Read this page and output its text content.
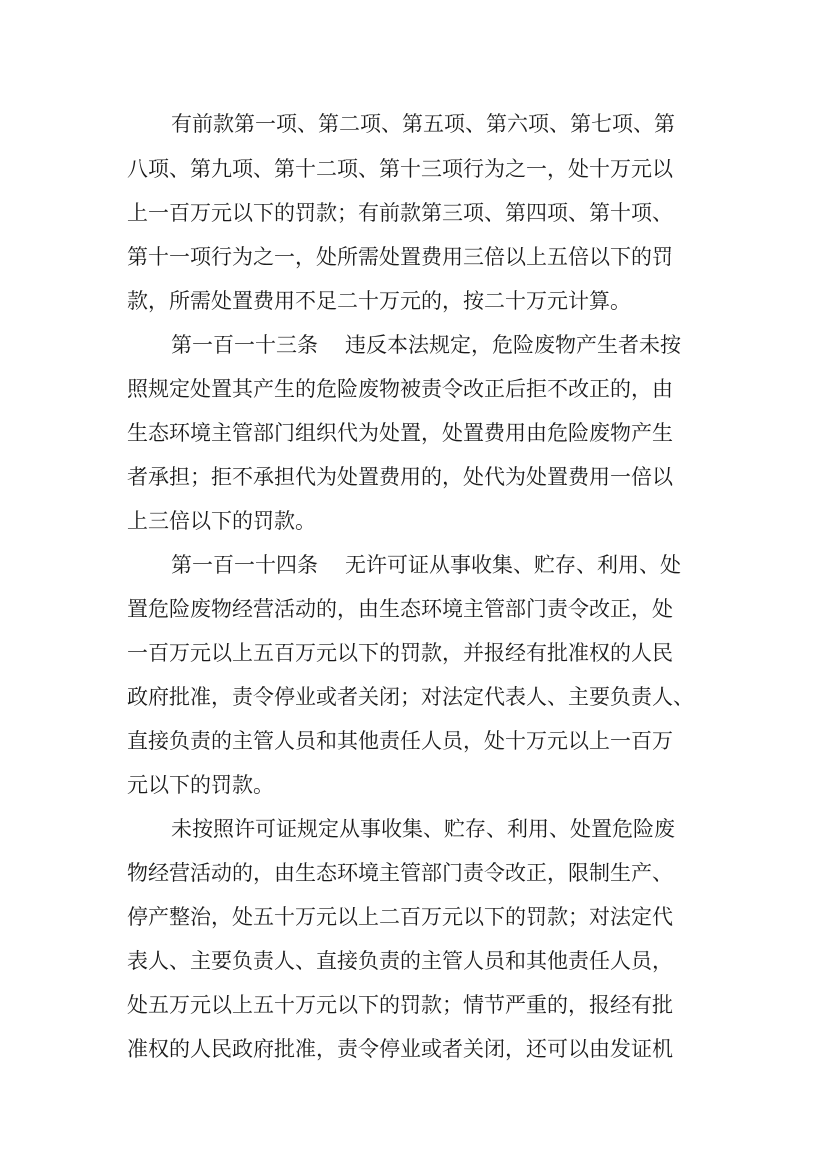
有前款第一项、第二项、第五项、第六项、第七项、第
八项、第九项、第十二项、第十三项行为之一，处十万元以
上一百万元以下的罚款；有前款第三项、第四项、第十项、
第十一项行为之一，处所需处置费用三倍以上五倍以下的罚
款，所需处置费用不足二十万元的，按二十万元计算。
第一百一十三条 违反本法规定，危险废物产生者未按
照规定处置其产生的危险废物被责令改正后拒不改正的，由
生态环境主管部门组织代为处置，处置费用由危险废物产生
者承担；拒不承担代为处置费用的，处代为处置费用一倍以
上三倍以下的罚款。
第一百一十四条 无许可证从事收集、贮存、利用、处
置危险废物经营活动的，由生态环境主管部门责令改正，处
一百万元以上五百万元以下的罚款，并报经有批准权的人民
政府批准，责令停业或者关闭；对法定代表人、主要负责人、
直接负责的主管人员和其他责任人员，处十万元以上一百万
元以下的罚款。
未按照许可证规定从事收集、贮存、利用、处置危险废
物经营活动的，由生态环境主管部门责令改正，限制生产、
停产整治，处五十万元以上二百万元以下的罚款；对法定代
表人、主要负责人、直接负责的主管人员和其他责任人员，
处五万元以上五十万元以下的罚款；情节严重的，报经有批
准权的人民政府批准，责令停业或者关闭，还可以由发证机
